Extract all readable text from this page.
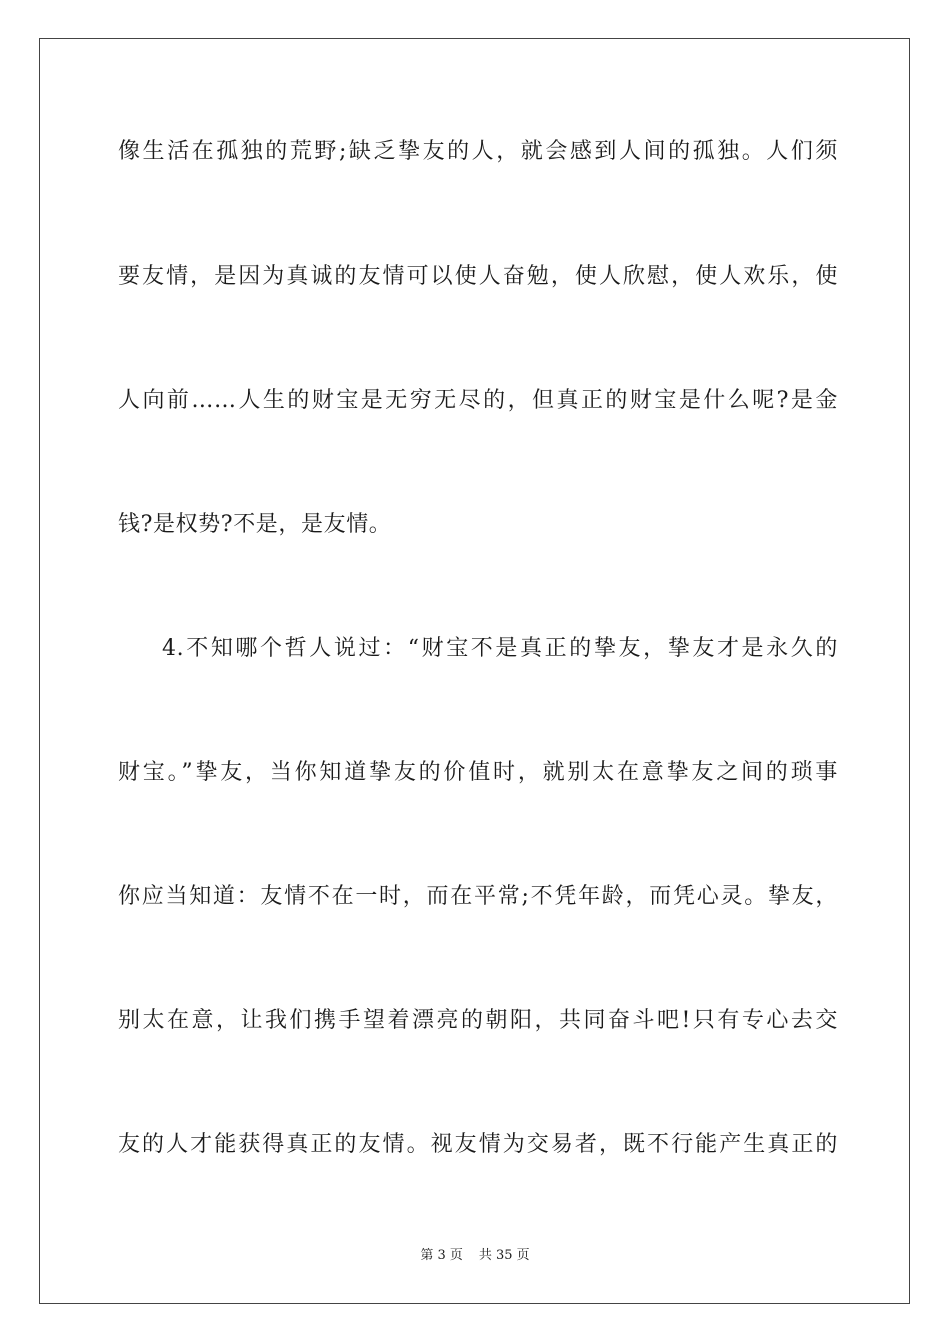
像生活在孤独的荒野;缺乏挚友的人，就会感到人间的孤独。人们须
要友情，是因为真诚的友情可以使人奋勉，使人欣慰，使人欢乐，使
人向前……人生的财宝是无穷无尽的，但真正的财宝是什么呢?是金
钱?是权势?不是，是友情。
4.不知哪个哲人说过：“财宝不是真正的挚友，挚友才是永久的
财宝。”挚友，当你知道挚友的价值时，就别太在意挚友之间的琐事
你应当知道：友情不在一时，而在平常;不凭年龄，而凭心灵。挚友，
别太在意，让我们携手望着漂亮的朝阳，共同奋斗吧!只有专心去交
友的人才能获得真正的友情。视友情为交易者，既不行能产生真正的
第 3 页 共 35 页
